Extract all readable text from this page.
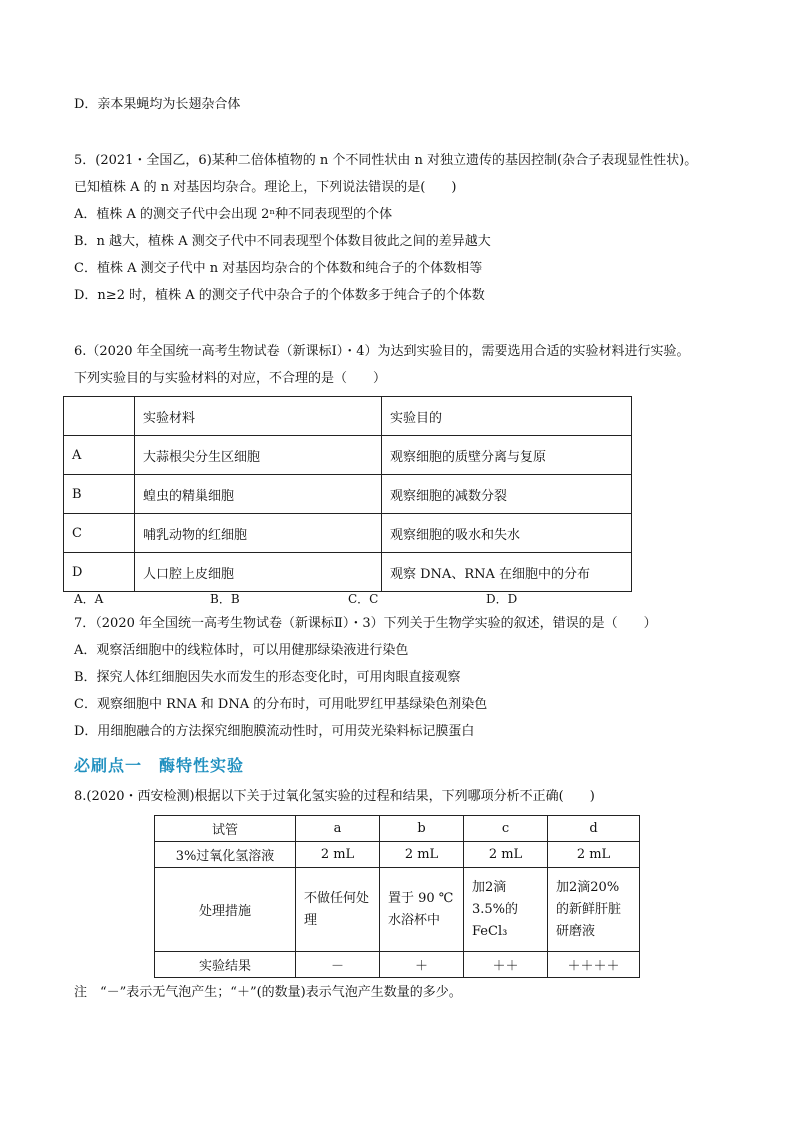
D．亲本果蝇均为长翅杂合体
5．(2021・全国乙，6)某种二倍体植物的 n 个不同性状由 n 对独立遗传的基因控制(杂合子表现显性性状)。
已知植株 A 的 n 对基因均杂合。理论上，下列说法错误的是(　　)
A．植株 A 的测交子代中会出现 2ⁿ种不同表现型的个体
B．n 越大，植株 A 测交子代中不同表现型个体数目彼此之间的差异越大
C．植株 A 测交子代中 n 对基因均杂合的个体数和纯合子的个体数相等
D．n≥2 时，植株 A 的测交子代中杂合子的个体数多于纯合子的个体数
6.（2020 年全国统一高考生物试卷（新课标Ⅰ）・4）为达到实验目的，需要选用合适的实验材料进行实验。
下列实验目的与实验材料的对应，不合理的是（　　）
	实验材料	实验目的
A	大蒜根尖分生区细胞	观察细胞的质壁分离与复原
B	蝗虫的精巢细胞	观察细胞的减数分裂
C	哺乳动物的红细胞	观察细胞的吸水和失水
D	人口腔上皮细胞	观察 DNA、RNA 在细胞中的分布
A．A	B．B	C．C	D．D
7．（2020 年全国统一高考生物试卷（新课标Ⅱ）・3）下列关于生物学实验的叙述，错误的是（　　）
A．观察活细胞中的线粒体时，可以用健那绿染液进行染色
B．探究人体红细胞因失水而发生的形态变化时，可用肉眼直接观察
C．观察细胞中 RNA 和 DNA 的分布时，可用吡罗红甲基绿染色剂染色
D．用细胞融合的方法探究细胞膜流动性时，可用荧光染料标记膜蛋白
必刷点一　酶特性实验
8.(2020・西安检测)根据以下关于过氧化氢实验的过程和结果，下列哪项分析不正确(　　)
试管	a	b	c	d
3%过氧化氢溶液	2 mL	2 mL	2 mL	2 mL
处理措施	不做任何处理	置于 90 ℃水浴杯中	加2滴3.5%的FeCl₃	加2滴20%的新鲜肝脏研磨液
实验结果	－	＋	＋＋	＋＋＋＋
注　“－”表示无气泡产生；“＋”(的数量)表示气泡产生数量的多少。
